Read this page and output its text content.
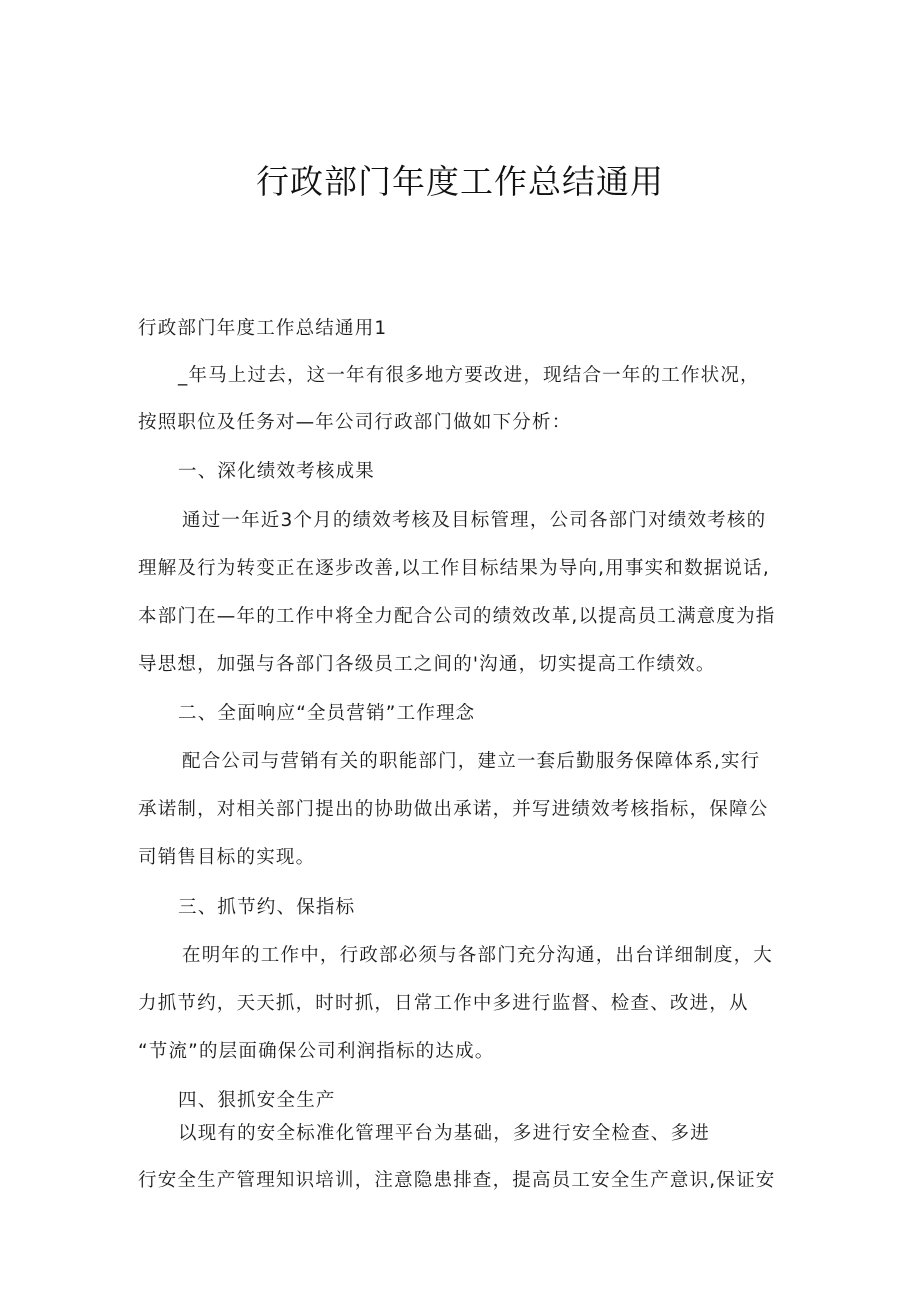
行政部门年度工作总结通用
行政部门年度工作总结通用1
_年马上过去，这一年有很多地方要改进，现结合一年的工作状况，
按照职位及任务对—年公司行政部门做如下分析：
一、深化绩效考核成果
通过一年近3个月的绩效考核及目标管理，公司各部门对绩效考核的
理解及行为转变正在逐步改善,以工作目标结果为导向,用事实和数据说话,
本部门在—年的工作中将全力配合公司的绩效改革,以提高员工满意度为指
导思想，加强与各部门各级员工之间的'沟通，切实提高工作绩效。
二、全面响应“全员营销”工作理念
配合公司与营销有关的职能部门，建立一套后勤服务保障体系,实行
承诺制，对相关部门提出的协助做出承诺，并写进绩效考核指标，保障公
司销售目标的实现。
三、抓节约、保指标
在明年的工作中，行政部必须与各部门充分沟通，出台详细制度，大
力抓节约，天天抓，时时抓，日常工作中多进行监督、检查、改进，从
“节流”的层面确保公司利润指标的达成。
四、狠抓安全生产
以现有的安全标准化管理平台为基础，多进行安全检查、多进
行安全生产管理知识培训，注意隐患排查，提高员工安全生产意识,保证安
